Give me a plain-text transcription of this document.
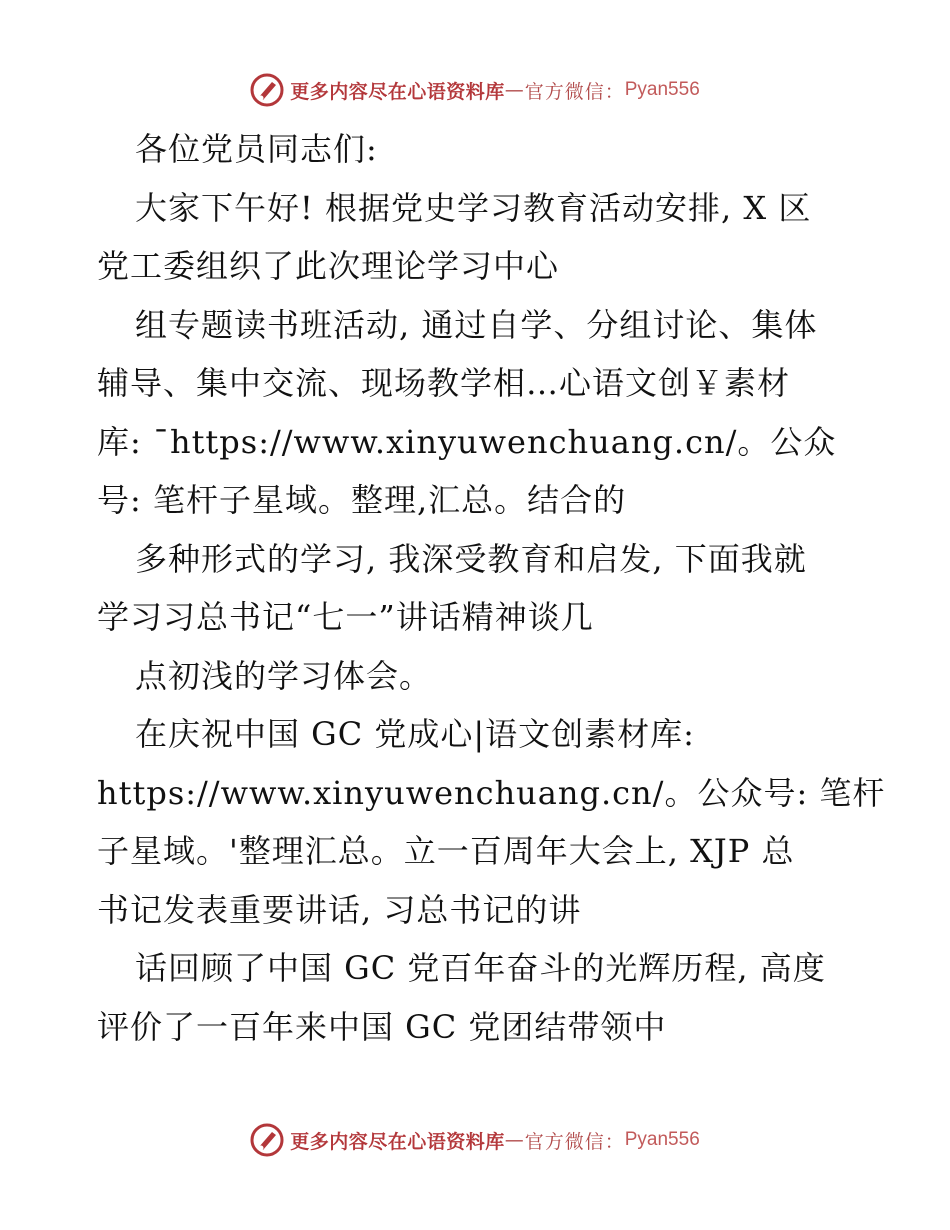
更多内容尽在心语资料库 — 官方微信： Pyan556
各位党员同志们:
大家下午好! 根据党史学习教育活动安排, X 区
党工委组织了此次理论学习中心
组专题读书班活动, 通过自学、分组讨论、集体
辅导、集中交流、现场教学相…心语文创￥素材
库: ¯https://www.xinyuwenchuang.cn/。公众
号: 笔杆子星域。整理,汇总。结合的
多种形式的学习, 我深受教育和启发, 下面我就
学习习总书记“七一”讲话精神谈几
点初浅的学习体会。
在庆祝中国 GC 党成心|语文创素材库:
https://www.xinyuwenchuang.cn/。公众号: 笔杆
子星域。'整理汇总。立一百周年大会上, XJP 总
书记发表重要讲话, 习总书记的讲
话回顾了中国 GC 党百年奋斗的光辉历程, 高度
评价了一百年来中国 GC 党团结带领中
更多内容尽在心语资料库 — 官方微信： Pyan556
